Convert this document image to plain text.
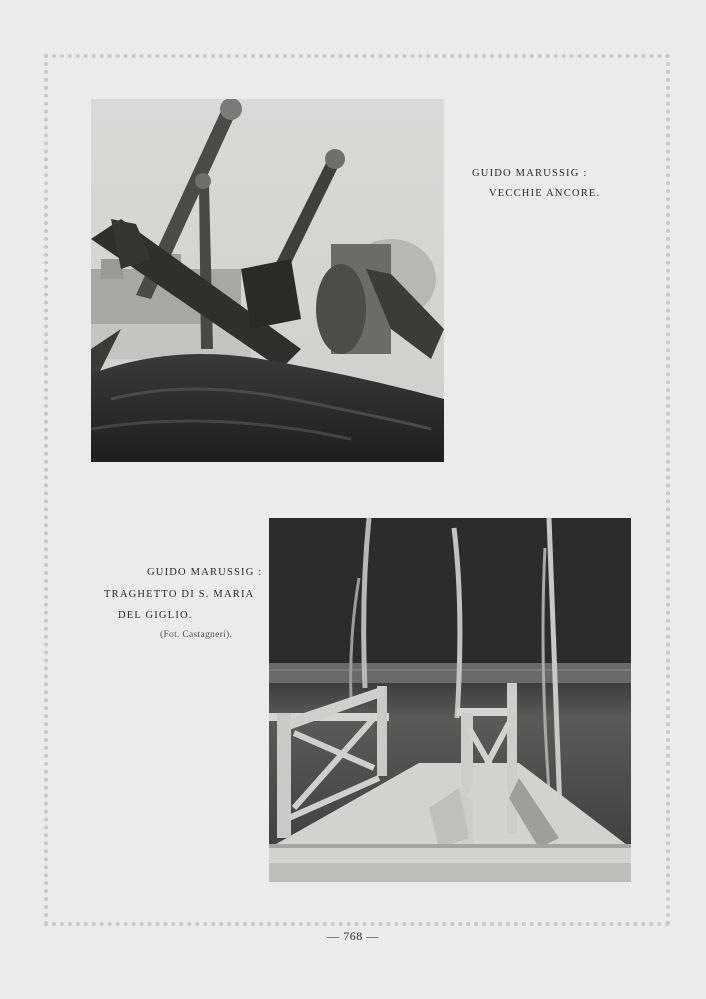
GUIDO MARUSSIG :
VECCHIE ANCORE.
GUIDO MARUSSIG :
TRAGHETTO DI S. MARIA
DEL GIGLIO.
(Fot. Castagneri).
— 768 —
